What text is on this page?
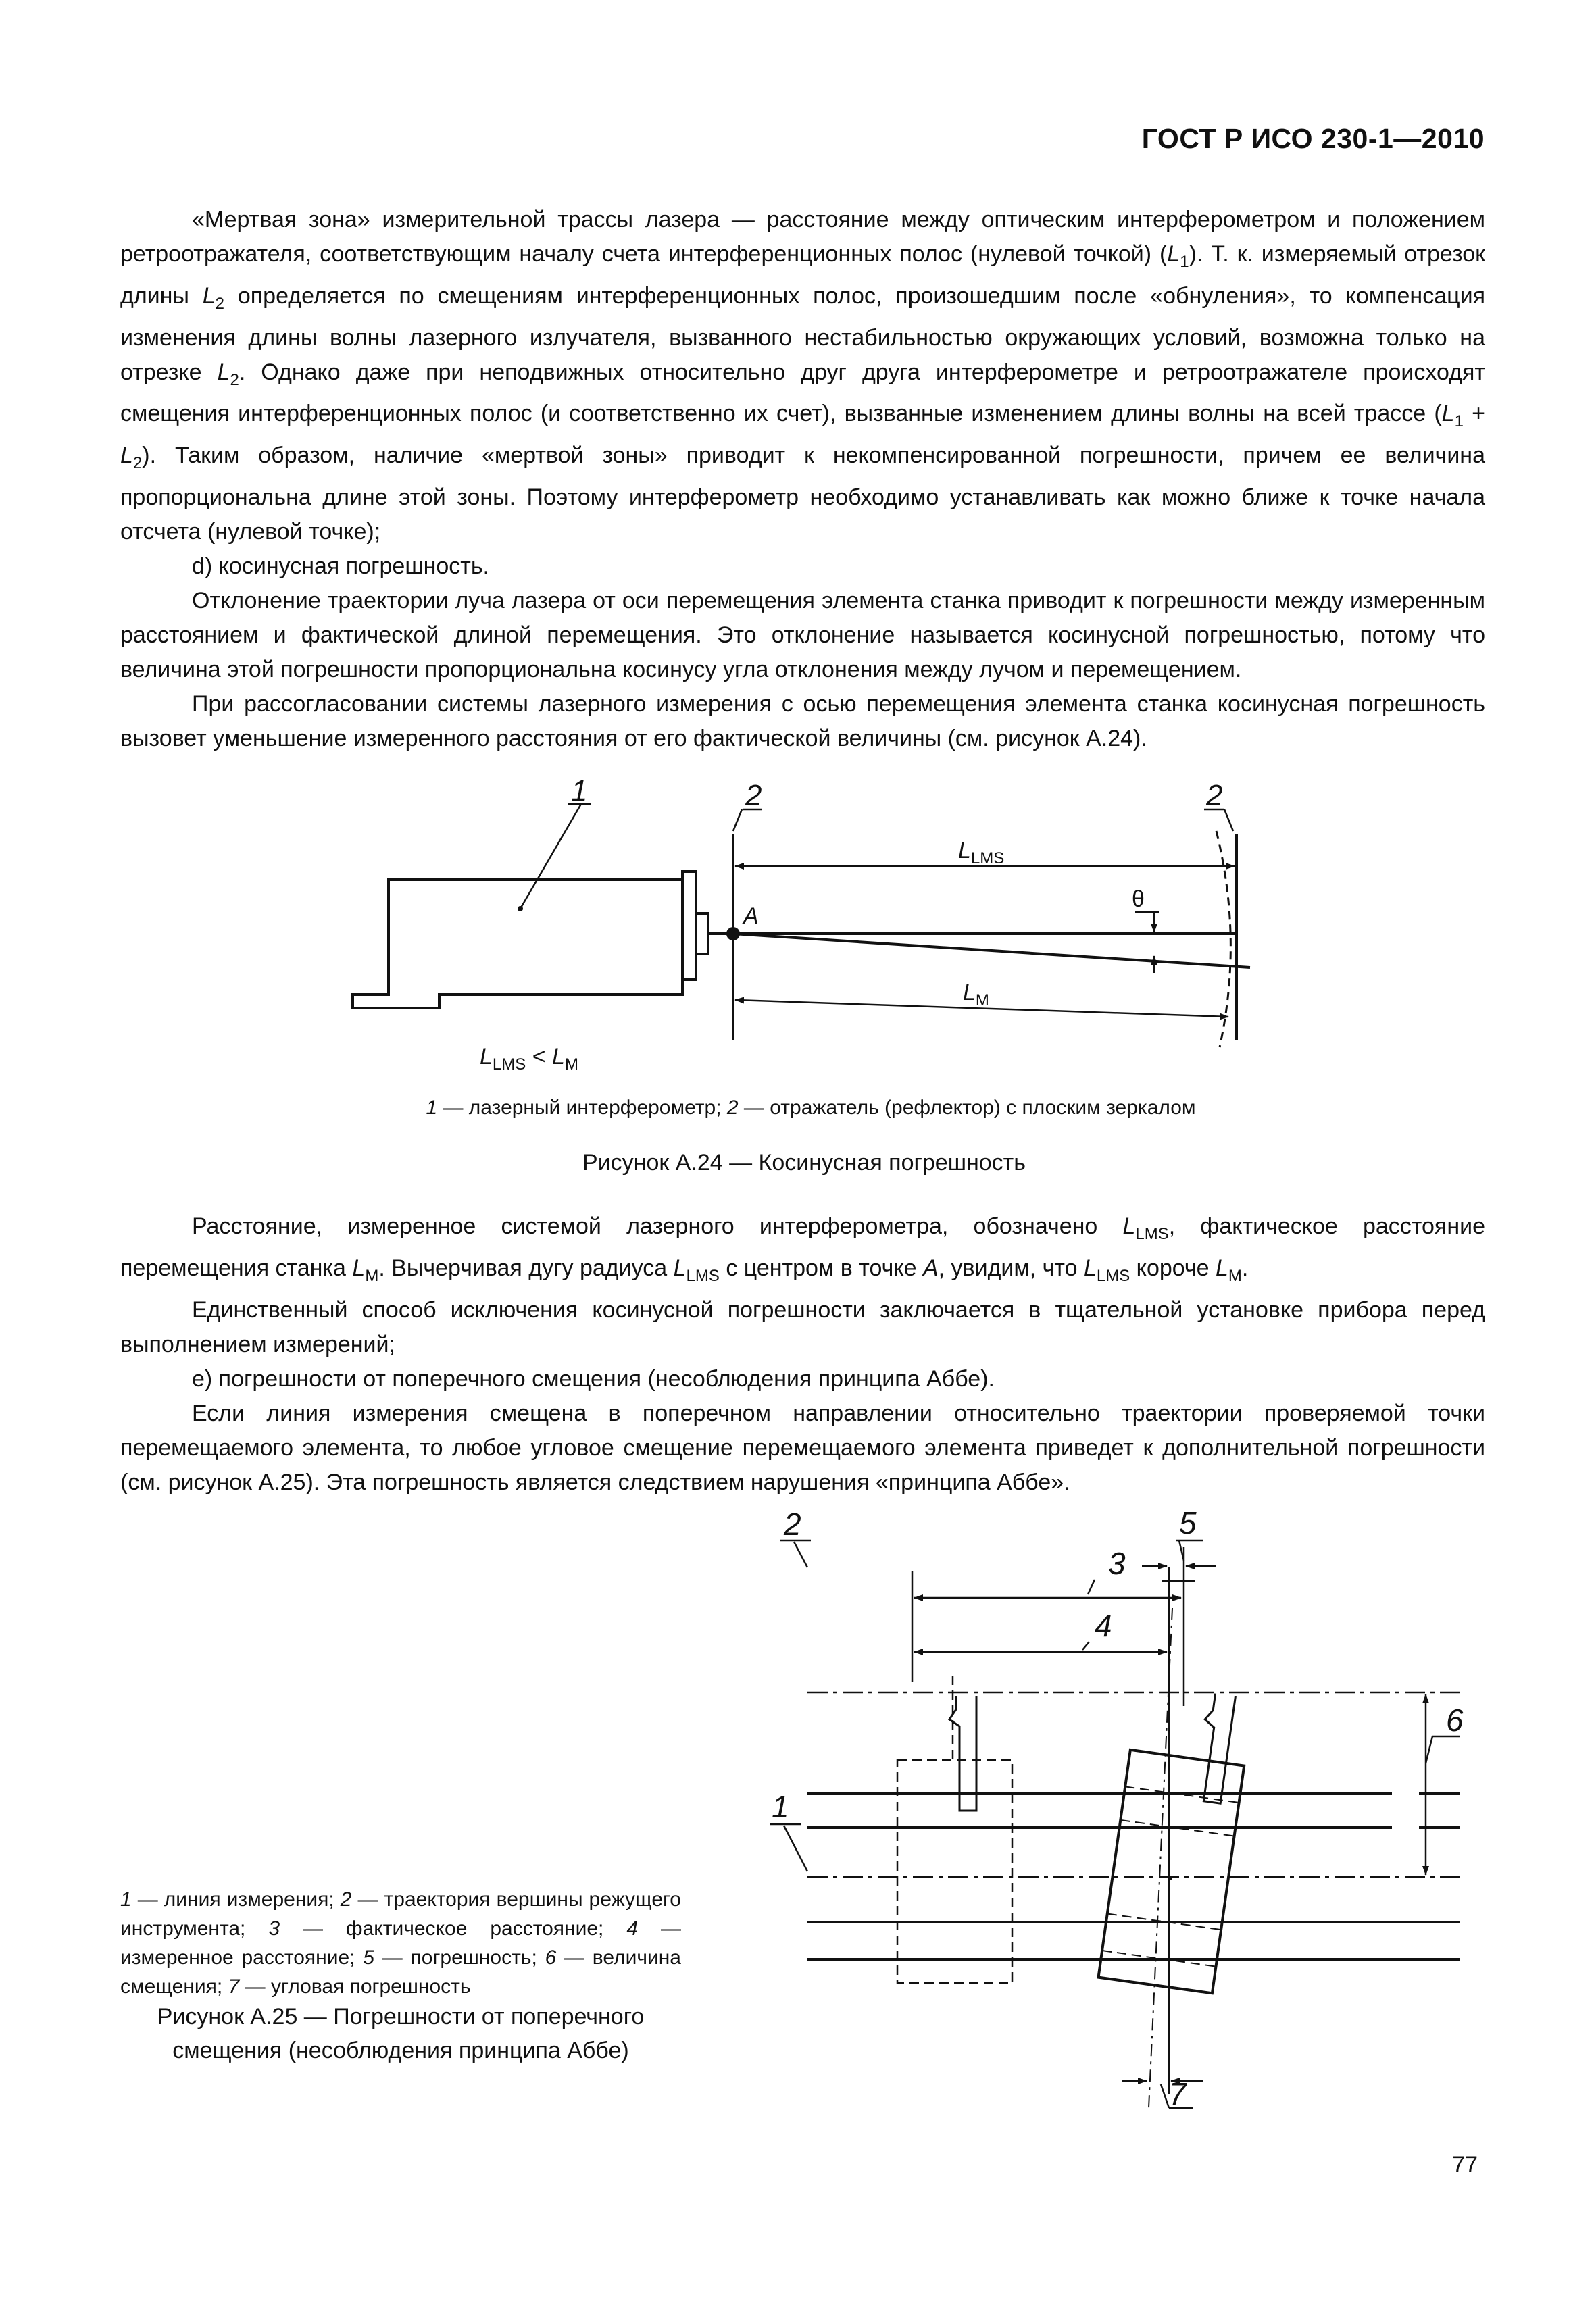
ГОСТ Р ИСО 230-1—2010

«Мертвая зона» измерительной трассы лазера — расстояние между оптическим интерферометром и положением ретроотражателя, соответствующим началу счета интерференционных полос (нулевой точкой) $(L_1)$. Т. к. измеряемый отрезок длины $L_2$ определяется по смещениям интерференционных полос, произошедшим после «обнуления», то компенсация изменения длины волны лазерного излучателя, вызванного нестабильностью окружающих условий, возможна только на отрезке $L_2$. Однако даже при неподвижных относительно друг друга интерферометре и ретроотражателе происходят смещения интерференционных полос (и соответственно их счет), вызванные изменением длины волны на всей трассе $(L_1 + L_2)$. Таким образом, наличие «мертвой зоны» приводит к некомпенсированной погрешности, причем ее величина пропорциональна длине этой зоны. Поэтому интерферометр необходимо устанавливать как можно ближе к точке начала отсчета (нулевой точке);

d) косинусная погрешность.

Отклонение траектории луча лазера от оси перемещения элемента станка приводит к погрешности между измеренным расстоянием и фактической длиной перемещения. Это отклонение называется косинусной погрешностью, потому что величина этой погрешности пропорциональна косинусу угла отклонения между лучом и перемещением.

При рассогласовании системы лазерного измерения с осью перемещения элемента станка косинусная погрешность вызовет уменьшение измеренного расстояния от его фактической величины (см. рисунок А.24).

1	2	2
A
θ
$L_{LMS}$
$L_M$
$L_{LMS} < L_M$
1 — лазерный интерферометр; 2 — отражатель (рефлектор) с плоским зеркалом
Рисунок А.24 — Косинусная погрешность

Расстояние, измеренное системой лазерного интерферометра, обозначено $L_{LMS}$, фактическое расстояние перемещения станка $L_M$. Вычерчивая дугу радиуса $L_{LMS}$ с центром в точке A, увидим, что $L_{LMS}$ короче $L_M$.

Единственный способ исключения косинусной погрешности заключается в тщательной установке прибора перед выполнением измерений;

е) погрешности от поперечного смещения (несоблюдения принципа Аббе).

Если линия измерения смещена в поперечном направлении относительно траектории проверяемой точки перемещаемого элемента, то любое угловое смещение перемещаемого элемента приведет к дополнительной погрешности (см. рисунок А.25). Эта погрешность является следствием нарушения «принципа Аббе».

2
1
3
4
5
6
7
1 — линия измерения; 2 — траектория вершины режущего инструмента; 3 — фактическое расстояние; 4 — измеренное расстояние; 5 — погрешность; 6 — величина смещения; 7 — угловая погрешность
Рисунок А.25 — Погрешности от поперечного
смещения (несоблюдения принципа Аббе)
77
